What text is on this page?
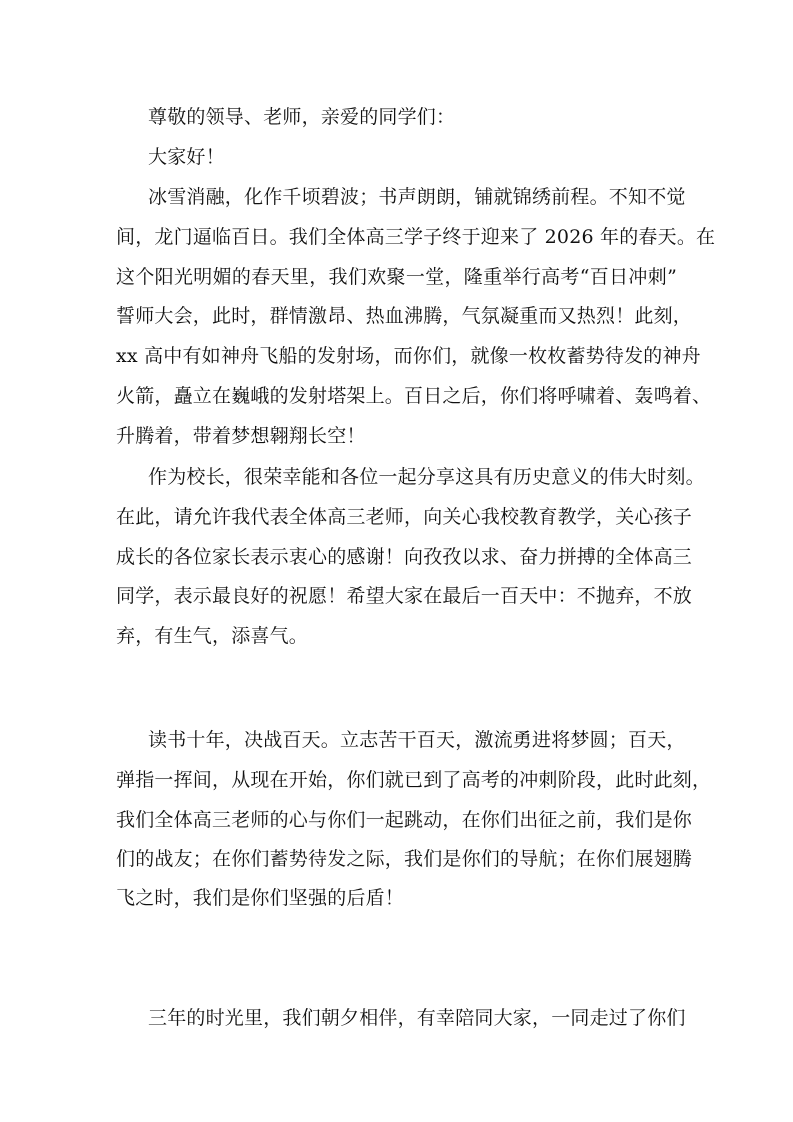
尊敬的领导、老师，亲爱的同学们：
大家好！
冰雪消融，化作千顷碧波；书声朗朗，铺就锦绣前程。不知不觉
间，龙门逼临百日。我们全体高三学子终于迎来了 2026 年的春天。在
这个阳光明媚的春天里，我们欢聚一堂，隆重举行高考“百日冲刺”
誓师大会，此时，群情激昂、热血沸腾，气氛凝重而又热烈！此刻，
xx 高中有如神舟飞船的发射场，而你们，就像一枚枚蓄势待发的神舟
火箭，矗立在巍峨的发射塔架上。百日之后，你们将呼啸着、轰鸣着、
升腾着，带着梦想翱翔长空！
作为校长，很荣幸能和各位一起分享这具有历史意义的伟大时刻。
在此，请允许我代表全体高三老师，向关心我校教育教学，关心孩子
成长的各位家长表示衷心的感谢！向孜孜以求、奋力拼搏的全体高三
同学，表示最良好的祝愿！希望大家在最后一百天中：不抛弃，不放
弃，有生气，添喜气。
读书十年，决战百天。立志苦干百天，激流勇进将梦圆；百天，
弹指一挥间，从现在开始，你们就已到了高考的冲刺阶段，此时此刻，
我们全体高三老师的心与你们一起跳动，在你们出征之前，我们是你
们的战友；在你们蓄势待发之际，我们是你们的导航；在你们展翅腾
飞之时，我们是你们坚强的后盾！
三年的时光里，我们朝夕相伴，有幸陪同大家，一同走过了你们
